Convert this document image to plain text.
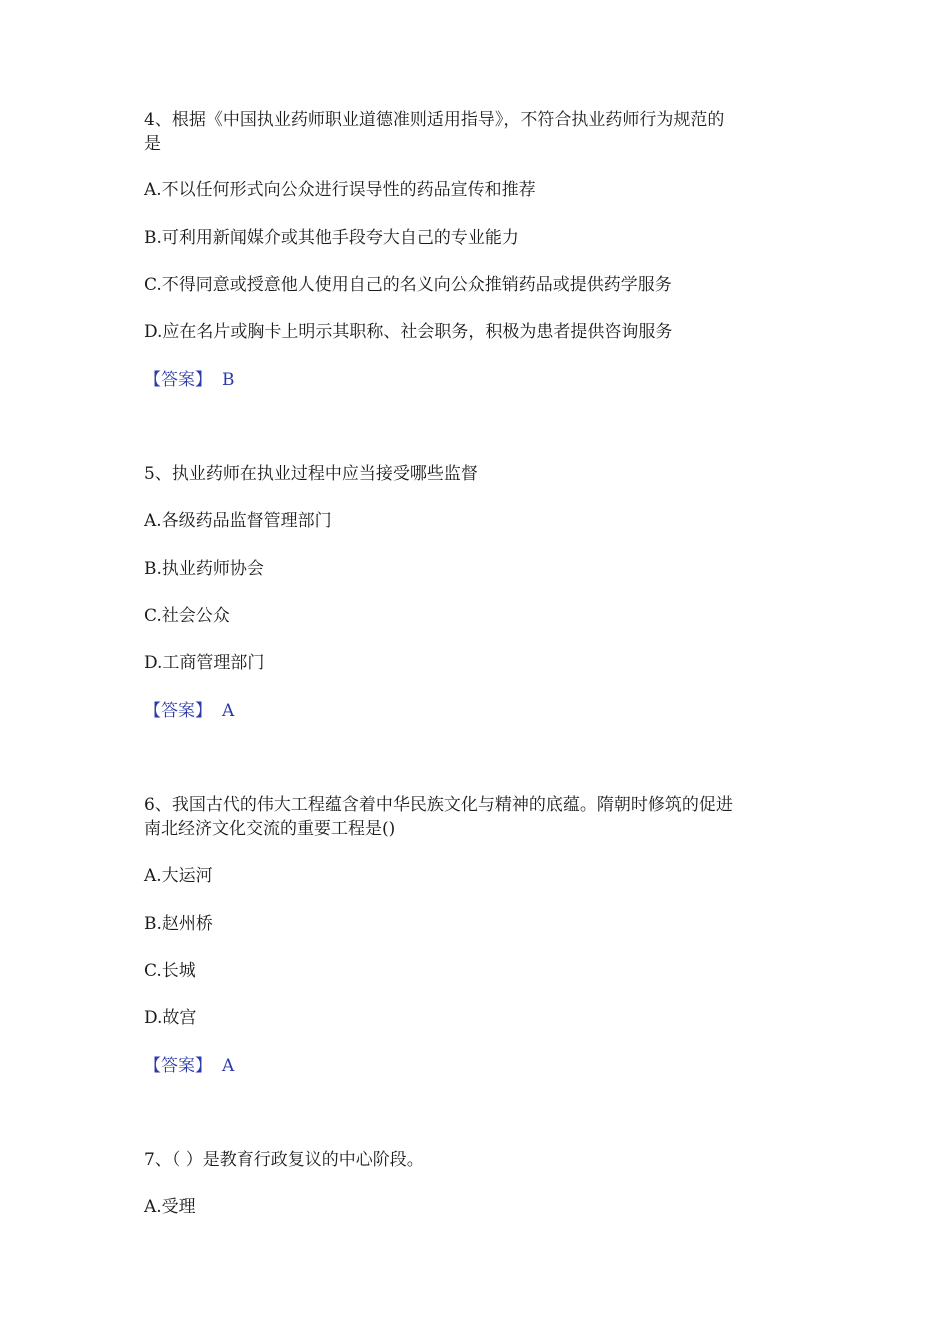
4、根据《中国执业药师职业道德准则适用指导》，不符合执业药师行为规范的
是
A.不以任何形式向公众进行误导性的药品宣传和推荐
B.可利用新闻媒介或其他手段夸大自己的专业能力
C.不得同意或授意他人使用自己的名义向公众推销药品或提供药学服务
D.应在名片或胸卡上明示其职称、社会职务，积极为患者提供咨询服务
【答案】 B
5、执业药师在执业过程中应当接受哪些监督
A.各级药品监督管理部门
B.执业药师协会
C.社会公众
D.工商管理部门
【答案】 A
6、我国古代的伟大工程蕴含着中华民族文化与精神的底蕴。隋朝时修筑的促进
南北经济文化交流的重要工程是()
A.大运河
B.赵州桥
C.长城
D.故宫
【答案】 A
7、（ ）是教育行政复议的中心阶段。
A.受理
